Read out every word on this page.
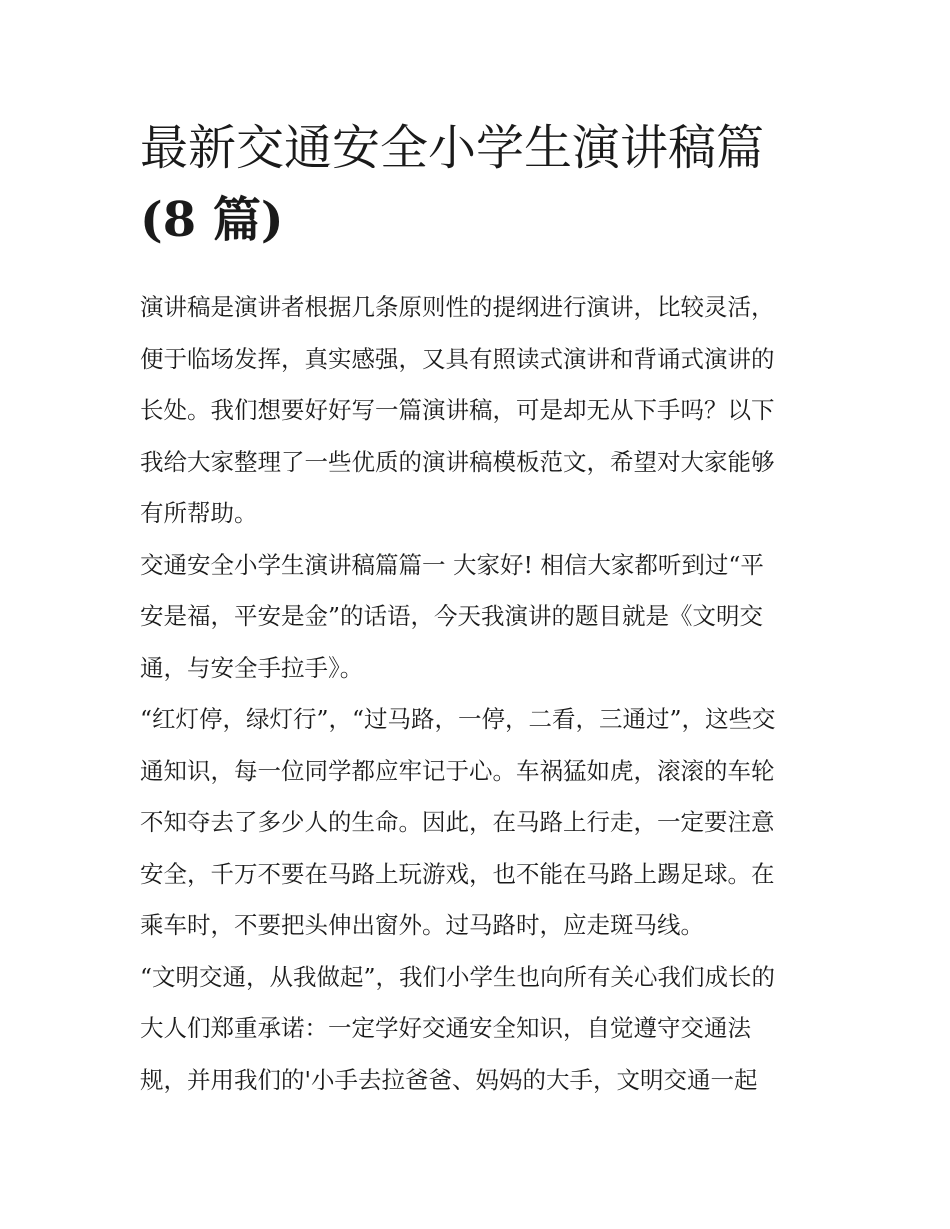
最新交通安全小学生演讲稿篇
(8 篇)

演讲稿是演讲者根据几条原则性的提纲进行演讲，比较灵活，
便于临场发挥，真实感强，又具有照读式演讲和背诵式演讲的
长处。我们想要好好写一篇演讲稿，可是却无从下手吗？以下
我给大家整理了一些优质的演讲稿模板范文，希望对大家能够
有所帮助。

交通安全小学生演讲稿篇篇一 大家好! 相信大家都听到过“平
安是福，平安是金”的话语，今天我演讲的题目就是《文明交
通，与安全手拉手》。

“红灯停，绿灯行”，“过马路，一停，二看，三通过”，这些交
通知识，每一位同学都应牢记于心。车祸猛如虎，滚滚的车轮
不知夺去了多少人的生命。因此，在马路上行走，一定要注意
安全，千万不要在马路上玩游戏，也不能在马路上踢足球。在
乘车时，不要把头伸出窗外。过马路时，应走斑马线。

“文明交通，从我做起”，我们小学生也向所有关心我们成长的
大人们郑重承诺：一定学好交通安全知识，自觉遵守交通法
规，并用我们的'小手去拉爸爸、妈妈的大手，文明交通一起
